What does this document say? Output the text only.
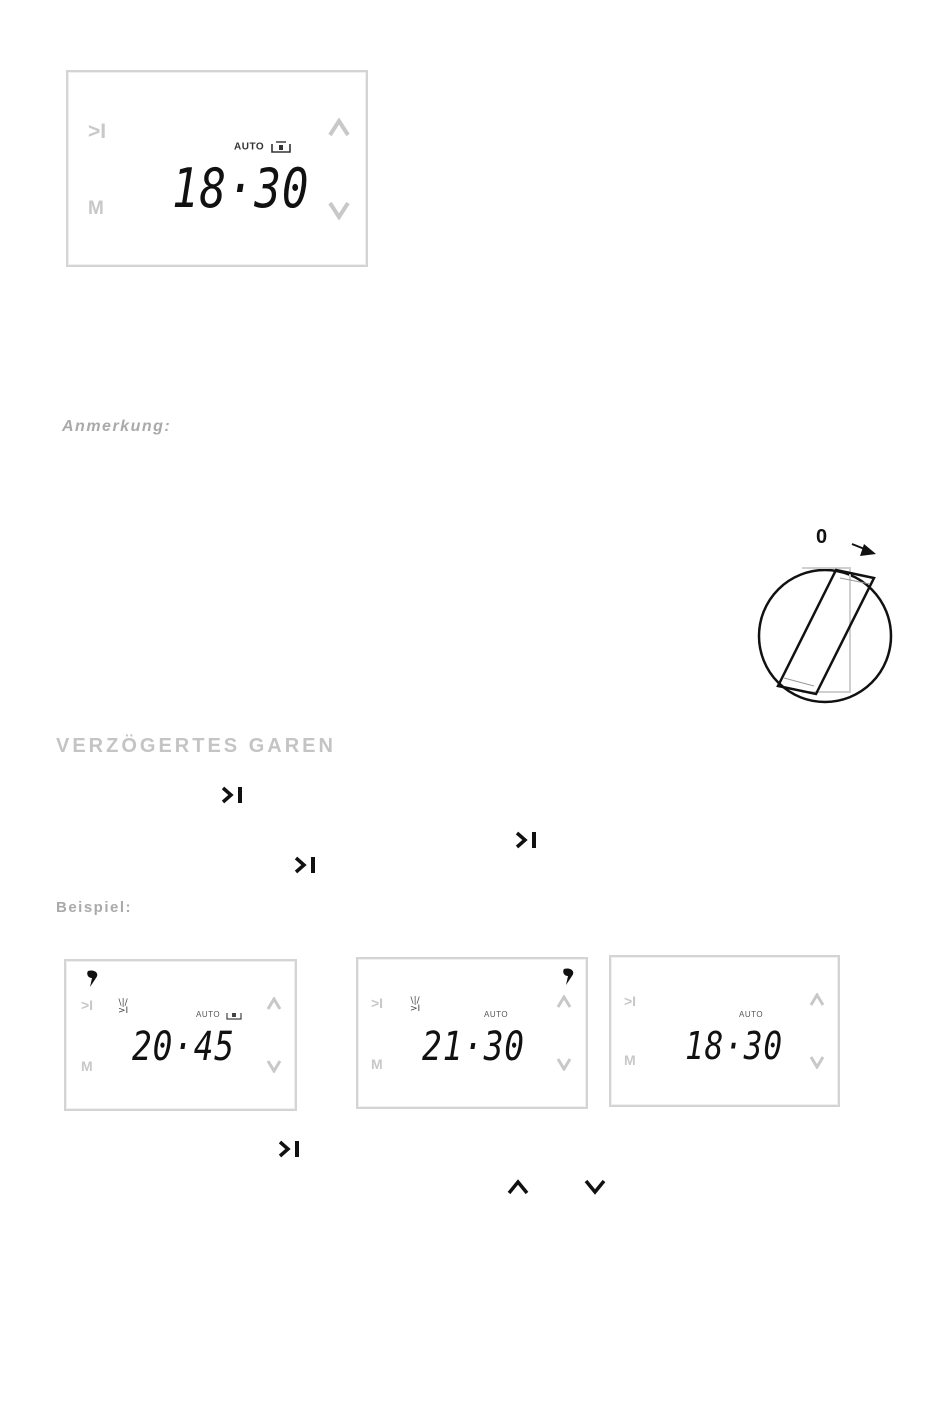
>I
M
AUTO
18·30
Anmerkung:
0
VERZÖGERTES GAREN
Beispiel:
>I	\|/
>I
M
AUTO
20·45
>I	\|/
>I
M
AUTO
21·30
>I
M
AUTO
18·30
